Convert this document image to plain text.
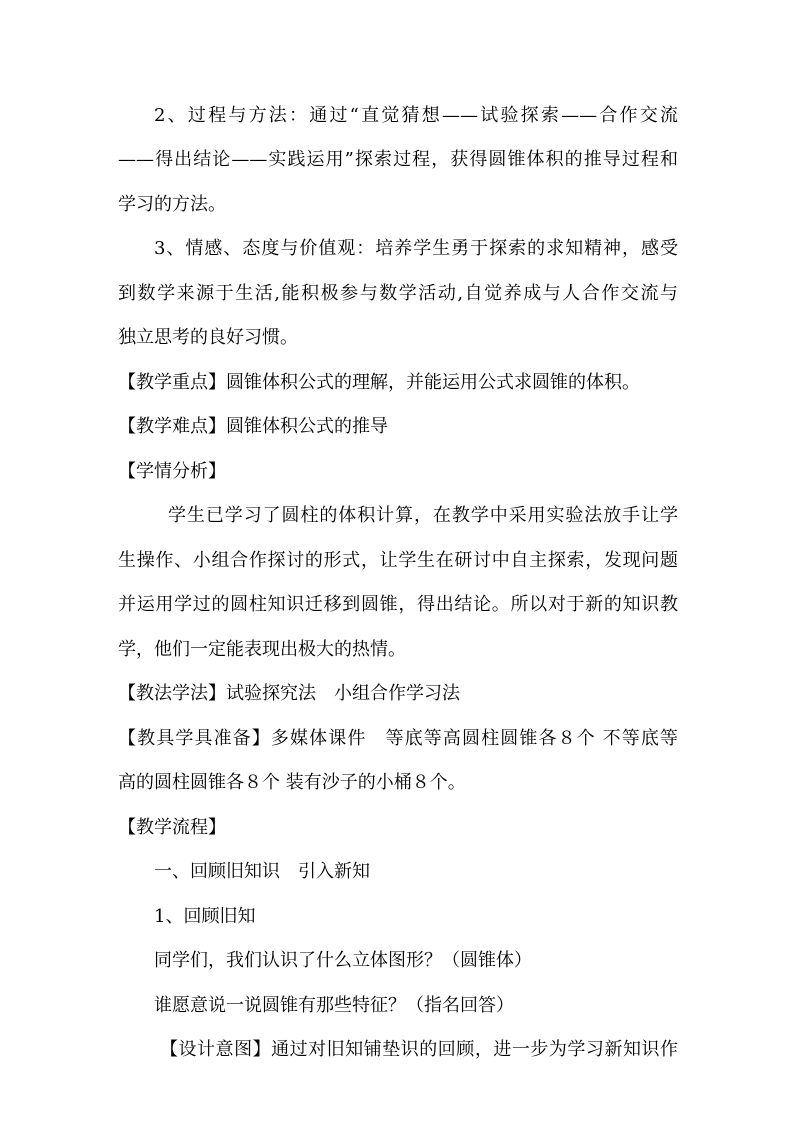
2、过程与方法：通过“直觉猜想——试验探索——合作交流
——得出结论——实践运用”探索过程，获得圆锥体积的推导过程和
学习的方法。
3、情感、态度与价值观：培养学生勇于探索的求知精神，感受
到数学来源于生活,能积极参与数学活动,自觉养成与人合作交流与
独立思考的良好习惯。
【教学重点】圆锥体积公式的理解，并能运用公式求圆锥的体积。
【教学难点】圆锥体积公式的推导
【学情分析】
学生已学习了圆柱的体积计算，在教学中采用实验法放手让学
生操作、小组合作探讨的形式，让学生在研讨中自主探索，发现问题
并运用学过的圆柱知识迁移到圆锥，得出结论。所以对于新的知识教
学，他们一定能表现出极大的热情。
【教法学法】试验探究法　小组合作学习法
【教具学具准备】多媒体课件　等底等高圆柱圆锥各８个 不等底等
高的圆柱圆锥各８个 装有沙子的小桶８个。
【教学流程】
一、回顾旧知识　引入新知
1、回顾旧知
同学们，我们认识了什么立体图形？（圆锥体）
谁愿意说一说圆锥有那些特征？（指名回答）
【设计意图】通过对旧知铺垫识的回顾，进一步为学习新知识作
